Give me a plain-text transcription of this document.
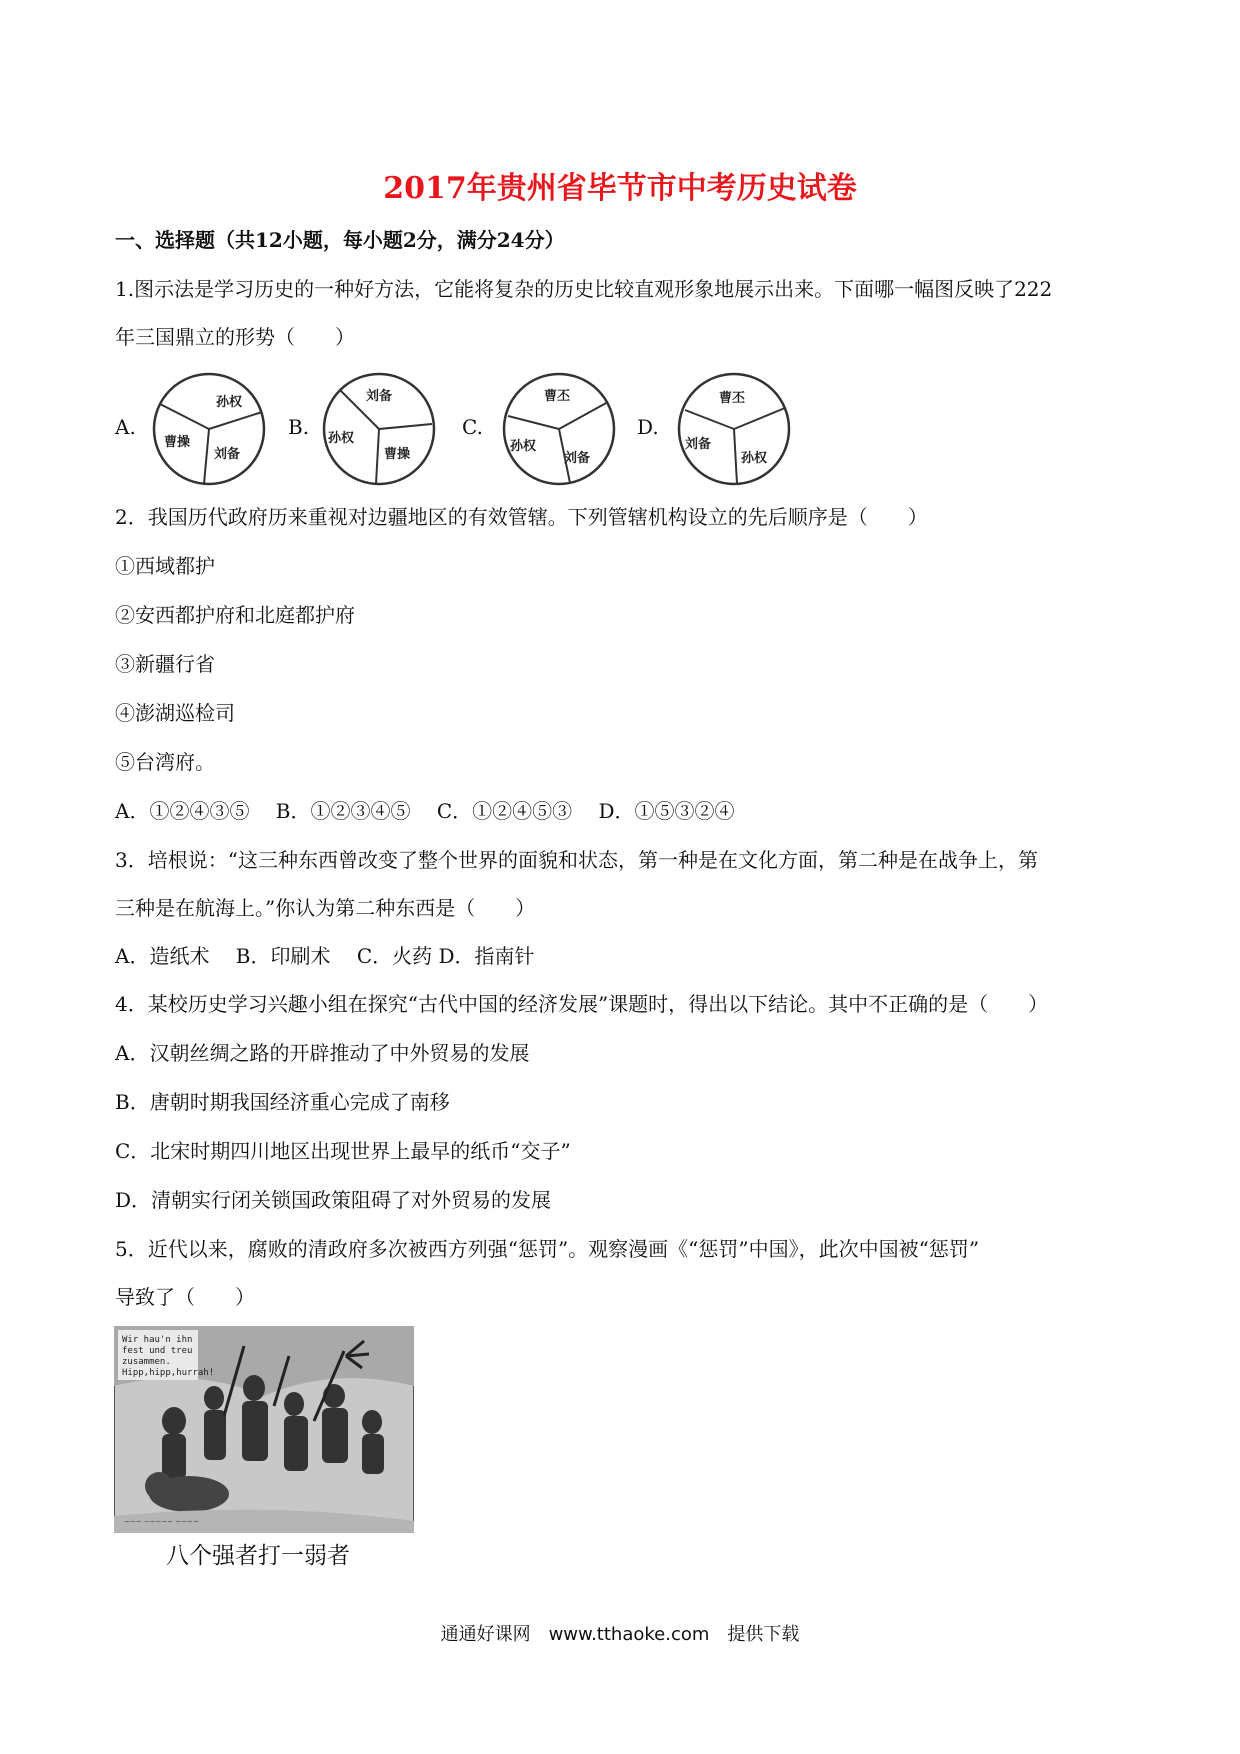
2017年贵州省毕节市中考历史试卷
一、选择题（共12小题，每小题2分，满分24分）
1.图示法是学习历史的一种好方法，它能将复杂的历史比较直观形象地展示出来。下面哪一幅图反映了222
年三国鼎立的形势（　　）
A.
孙权
曹操
刘备
B.
刘备
孙权
曹操
C.
曹丕
孙权
刘备
D.
曹丕
刘备
孙权
2．我国历代政府历来重视对边疆地区的有效管辖。下列管辖机构设立的先后顺序是（　　）
①西域都护
②安西都护府和北庭都护府
③新疆行省
④澎湖巡检司
⑤台湾府。
A．①②④③⑤　 B．①②③④⑤　 C．①②④⑤③　 D．①⑤③②④
3．培根说：“这三种东西曾改变了整个世界的面貌和状态，第一种是在文化方面，第二种是在战争上，第
三种是在航海上。”你认为第二种东西是（　　）
A．造纸术　 B．印刷术　 C．火药 D．指南针
4．某校历史学习兴趣小组在探究“古代中国的经济发展”课题时，得出以下结论。其中不正确的是（　　）
A．汉朝丝绸之路的开辟推动了中外贸易的发展
B．唐朝时期我国经济重心完成了南移
C．北宋时期四川地区出现世界上最早的纸币“交子”
D．清朝实行闭关锁国政策阻碍了对外贸易的发展
5．近代以来，腐败的清政府多次被西方列强“惩罚”。观察漫画《“惩罚”中国》，此次中国被“惩罚”
导致了（　　）
Wir hau'n ihn fest und treu zusammen. Hipp,hipp,hurrah!
~~~ ~~~~~ ~~~~
八个强者打一弱者
通通好课网　www.tthaoke.com　提供下载
